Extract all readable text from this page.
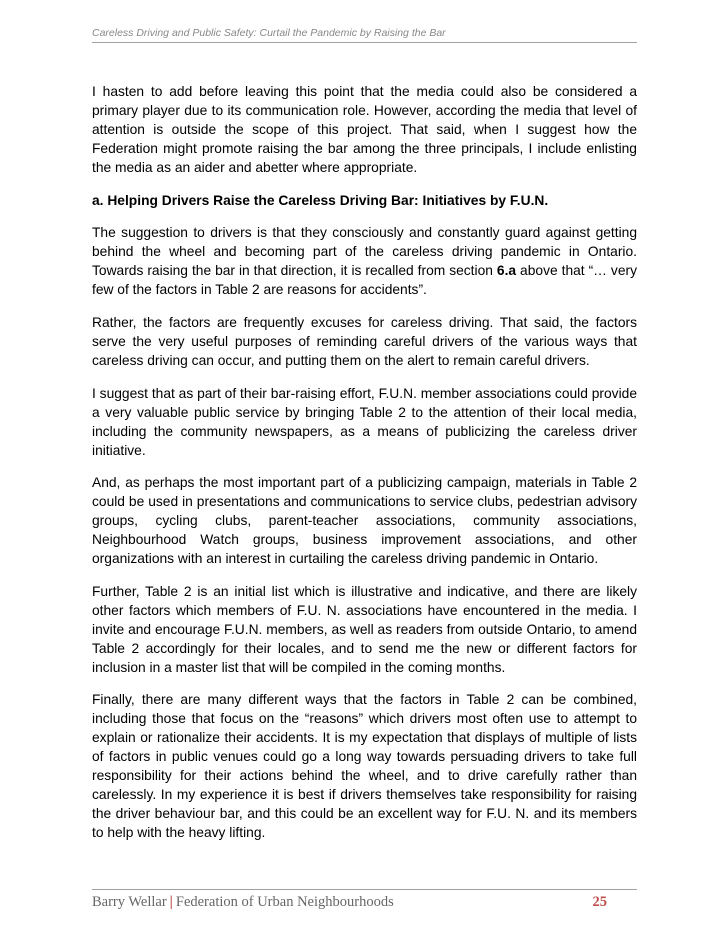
Careless Driving and Public Safety: Curtail the Pandemic by Raising the Bar

I hasten to add before leaving this point that the media could also be considered a primary player due to its communication role. However, according the media that level of attention is outside the scope of this project. That said, when I suggest how the Federation might promote raising the bar among the three principals, I include enlisting the media as an aider and abetter where appropriate.

a. Helping Drivers Raise the Careless Driving Bar: Initiatives by F.U.N.

The suggestion to drivers is that they consciously and constantly guard against getting behind the wheel and becoming part of the careless driving pandemic in Ontario. Towards raising the bar in that direction, it is recalled from section 6.a above that “… very few of the factors in Table 2 are reasons for accidents”.

Rather, the factors are frequently excuses for careless driving. That said, the factors serve the very useful purposes of reminding careful drivers of the various ways that careless driving can occur, and putting them on the alert to remain careful drivers.

I suggest that as part of their bar-raising effort, F.U.N. member associations could provide a very valuable public service by bringing Table 2 to the attention of their local media, including the community newspapers, as a means of publicizing the careless driver initiative.

And, as perhaps the most important part of a publicizing campaign, materials in Table 2 could be used in presentations and communications to service clubs, pedestrian advisory groups, cycling clubs, parent-teacher associations, community associations, Neighbourhood Watch groups, business improvement associations, and other organizations with an interest in curtailing the careless driving pandemic in Ontario.

Further, Table 2 is an initial list which is illustrative and indicative, and there are likely other factors which members of F.U. N. associations have encountered in the media. I invite and encourage F.U.N. members, as well as readers from outside Ontario, to amend Table 2 accordingly for their locales, and to send me the new or different factors for inclusion in a master list that will be compiled in the coming months.

Finally, there are many different ways that the factors in Table 2 can be combined, including those that focus on the “reasons” which drivers most often use to attempt to explain or rationalize their accidents. It is my expectation that displays of multiple of lists of factors in public venues could go a long way towards persuading drivers to take full responsibility for their actions behind the wheel, and to drive carefully rather than carelessly. In my experience it is best if drivers themselves take responsibility for raising the driver behaviour bar, and this could be an excellent way for F.U. N. and its members to help with the heavy lifting.

Barry Wellar | Federation of Urban Neighbourhoods	25
